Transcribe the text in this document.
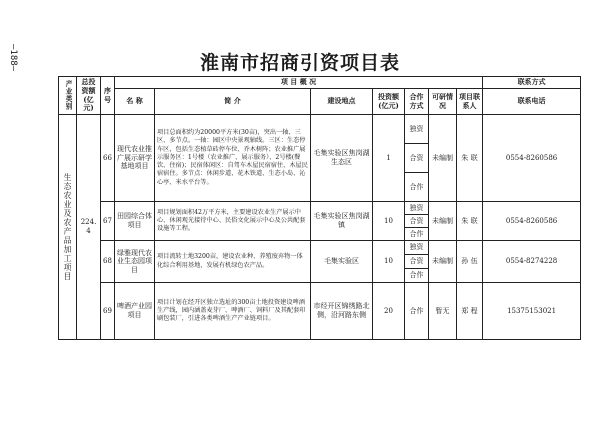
—188—	淮南市招商引资项目表
产业类别	总投资额(亿元)	序号	项 目 概 况							联系方式
			名 称	简 介	建设地点	投资额(亿元)	合作方式	可研情况	项目联系人	联系电话

生态农业及农产品加工项目	224.4	66	现代农业推广展示研学基地项目	项目总面积约为20000平方米(30亩)，突出一轴、三区、多节点。一轴：园区中央景观轴线。三区：生态停车区，包括生态植草砖停车位、乔木树阵；农业推广展示服务区：1号楼（农业推广、展示服务）、2号楼(餐饮、住宿)；民宿体闲区：自驾车木屋民宿宿住、木屋民宿宿住。多节点：休闲步道、花木铁道、生态小岛、沁心亭、米水平台等。	毛集实验区焦岗湖生态区	1	独资	未编制	朱 联	0554-8260586
							合资			
							合作			
		67	田园综合体项目	项目规划面积42万平方米，主要建设农业生产展示中心、休闲观光接待中心、民俗文化展示中心及公共配套设施等工程。	毛集实验区焦岗湖镇	10	独资	未编制	朱 联	0554-8260586
							合资			
							合作			
		68	绿雅现代农业生态园项目	项目流转土地3200亩，建设农业种、养殖废弃物一体化综合利用基地，发展有机绿色农产品。	毛集实验区	10	独资	未编制	孙 伍	0554-8274228
							合资			
							合作			
		69	啤酒产业园项目	项目计划在经开区独立选址的300亩土地投资建设啤酒生产线，园内涵盖麦芽厂、啤酒厂、饲料厂及其配套印刷包装厂，引进各类啤酒生产产业链项目。	市经开区锦绣路北侧，沿河路东侧	20	合作	暂无	郑 程	15375153021
